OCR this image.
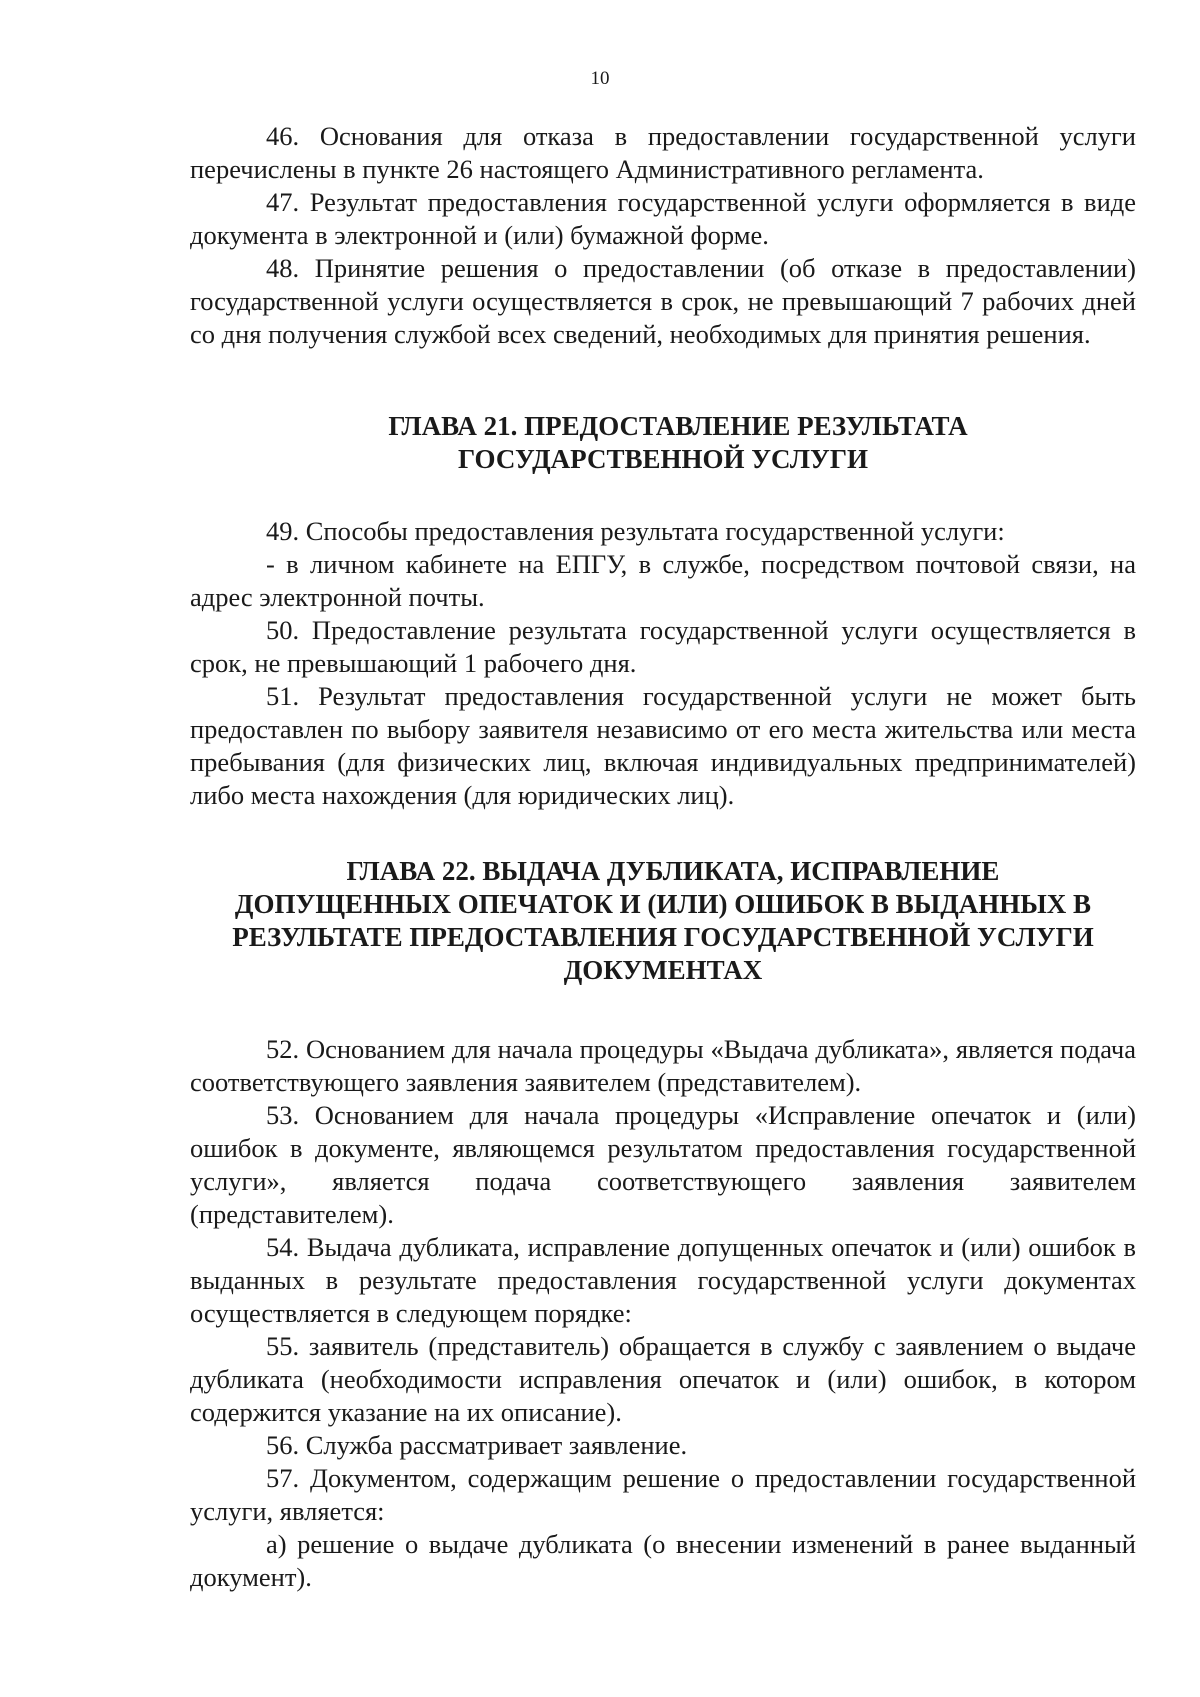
10

46. Основания для отказа в предоставлении государственной услуги перечислены в пункте 26 настоящего Административного регламента.

47. Результат предоставления государственной услуги оформляется в виде документа в электронной и (или) бумажной форме.

48. Принятие решения о предоставлении (об отказе в предоставлении) государственной услуги осуществляется в срок, не превышающий 7 рабочих дней со дня получения службой всех сведений, необходимых для принятия решения.

ГЛАВА 21. ПРЕДОСТАВЛЕНИЕ РЕЗУЛЬТАТА
ГОСУДАРСТВЕННОЙ УСЛУГИ

49. Способы предоставления результата государственной услуги:

- в личном кабинете на ЕПГУ, в службе, посредством почтовой связи, на адрес электронной почты.

50. Предоставление результата государственной услуги осуществляется в срок, не превышающий 1 рабочего дня.

51. Результат предоставления государственной услуги не может быть предоставлен по выбору заявителя независимо от его места жительства или места пребывания (для физических лиц, включая индивидуальных предпринимателей) либо места нахождения (для юридических лиц).

ГЛАВА 22. ВЫДАЧА ДУБЛИКАТА, ИСПРАВЛЕНИЕ
ДОПУЩЕННЫХ ОПЕЧАТОК И (ИЛИ) ОШИБОК В ВЫДАННЫХ В
РЕЗУЛЬТАТЕ ПРЕДОСТАВЛЕНИЯ ГОСУДАРСТВЕННОЙ УСЛУГИ
ДОКУМЕНТАХ

52. Основанием для начала процедуры «Выдача дубликата», является подача соответствующего заявления заявителем (представителем).

53. Основанием для начала процедуры «Исправление опечаток и (или) ошибок в документе, являющемся результатом предоставления государственной услуги», является подача соответствующего заявления заявителем (представителем).

54. Выдача дубликата, исправление допущенных опечаток и (или) ошибок в выданных в результате предоставления государственной услуги документах осуществляется в следующем порядке:

55. заявитель (представитель) обращается в службу с заявлением о выдаче дубликата (необходимости исправления опечаток и (или) ошибок, в котором содержится указание на их описание).

56. Служба рассматривает заявление.

57. Документом, содержащим решение о предоставлении государственной услуги, является:

а) решение о выдаче дубликата (о внесении изменений в ранее выданный документ).
